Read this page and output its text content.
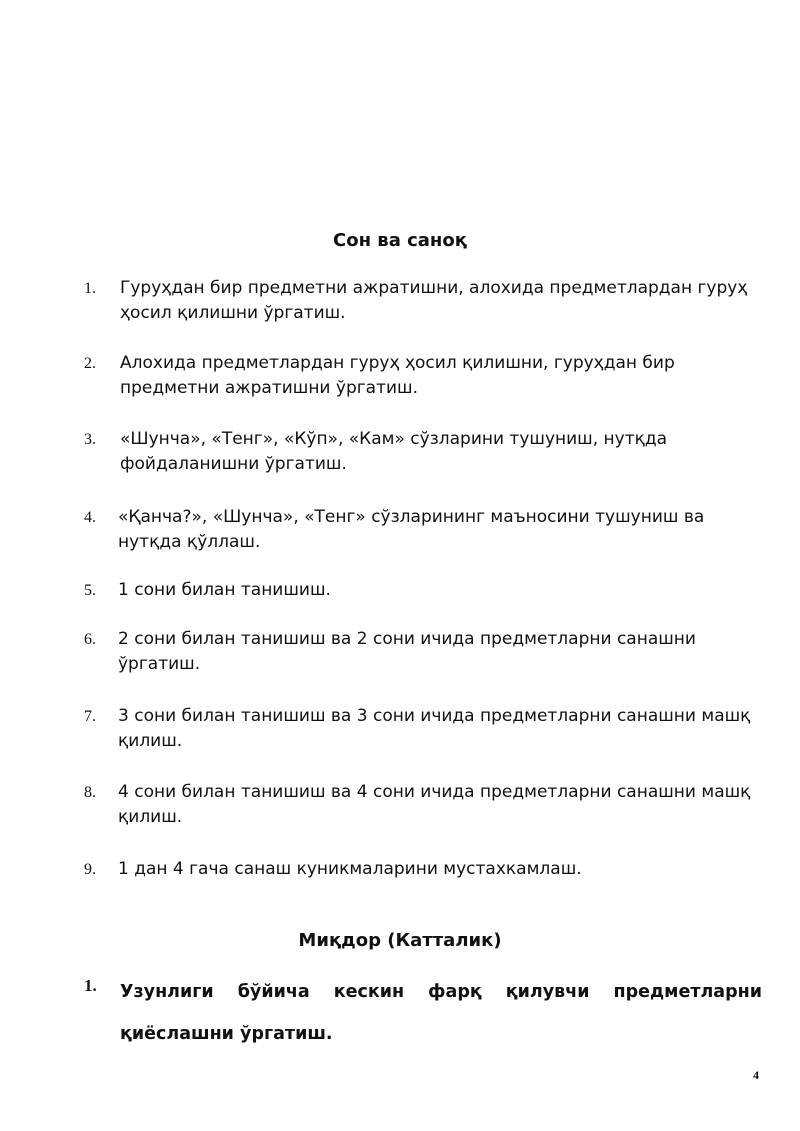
Сон ва саноқ
1.	Гуруҳдан бир предметни ажратишни, алохида предметлардан гуруҳ ҳосил қилишни ўргатиш.
2.	Алохида предметлардан гуруҳ ҳосил қилишни, гуруҳдан бир предметни ажратишни ўргатиш.
3.	«Шунча», «Тенг», «Кўп», «Кам» сўзларини тушуниш, нутқда фойдаланишни ўргатиш.
4.	«Қанча?», «Шунча», «Тенг» сўзларининг маъносини тушуниш ва нутқда қўллаш.
5.	1 сони билан танишиш.
6.	2 сони билан танишиш ва 2 сони ичида предметларни санашни ўргатиш.
7.	3 сони билан танишиш ва 3 сони ичида предметларни санашни машқ қилиш.
8.	4 сони билан танишиш ва 4 сони ичида предметларни санашни машқ қилиш.
9.	1 дан 4 гача санаш куникмаларини мустахкамлаш.
Миқдор (Катталик)
1.	Узунлиги бўйича кескин фарқ қилувчи предметларни қиёслашни ўргатиш.
4
